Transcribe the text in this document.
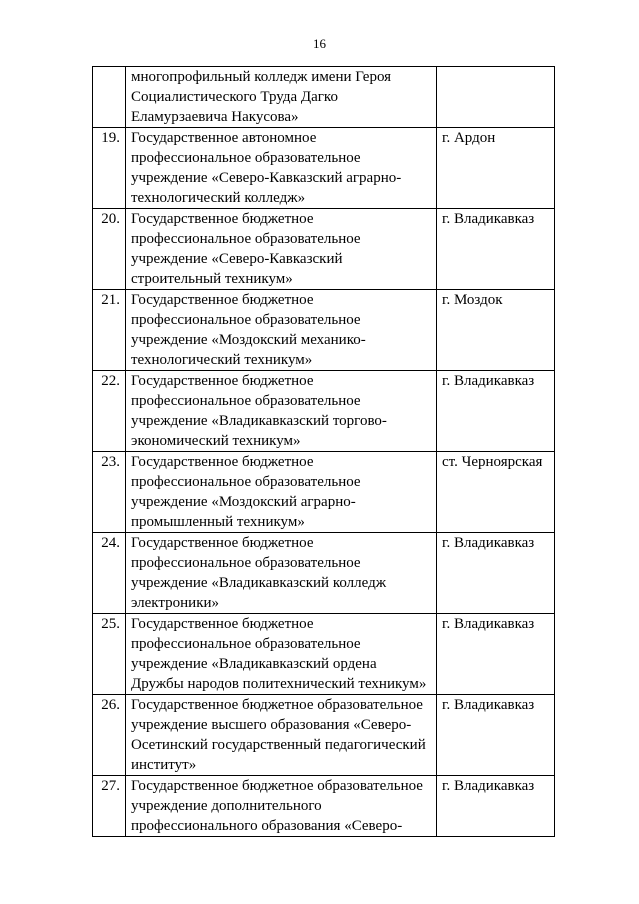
16
	многопрофильный колледж имени Героя
Социалистического Труда Дагко
Еламурзаевича Накусова»	
19.	Государственное автономное
профессиональное образовательное
учреждение «Северо-Кавказский аграрно-
технологический колледж»	г. Ардон
20.	Государственное бюджетное
профессиональное образовательное
учреждение «Северо-Кавказский
строительный техникум»	г. Владикавказ
21.	Государственное бюджетное
профессиональное образовательное
учреждение «Моздокский механико-
технологический техникум»	г. Моздок
22.	Государственное бюджетное
профессиональное образовательное
учреждение «Владикавказский торгово-
экономический техникум»	г. Владикавказ
23.	Государственное бюджетное
профессиональное образовательное
учреждение «Моздокский аграрно-
промышленный техникум»	ст. Черноярская
24.	Государственное бюджетное
профессиональное образовательное
учреждение «Владикавказский колледж
электроники»	г. Владикавказ
25.	Государственное бюджетное
профессиональное образовательное
учреждение «Владикавказский ордена
Дружбы народов политехнический техникум»	г. Владикавказ
26.	Государственное бюджетное образовательное
учреждение высшего образования «Северо-
Осетинский государственный педагогический
институт»	г. Владикавказ
27.	Государственное бюджетное образовательное
учреждение дополнительного
профессионального образования «Северо-	г. Владикавказ
